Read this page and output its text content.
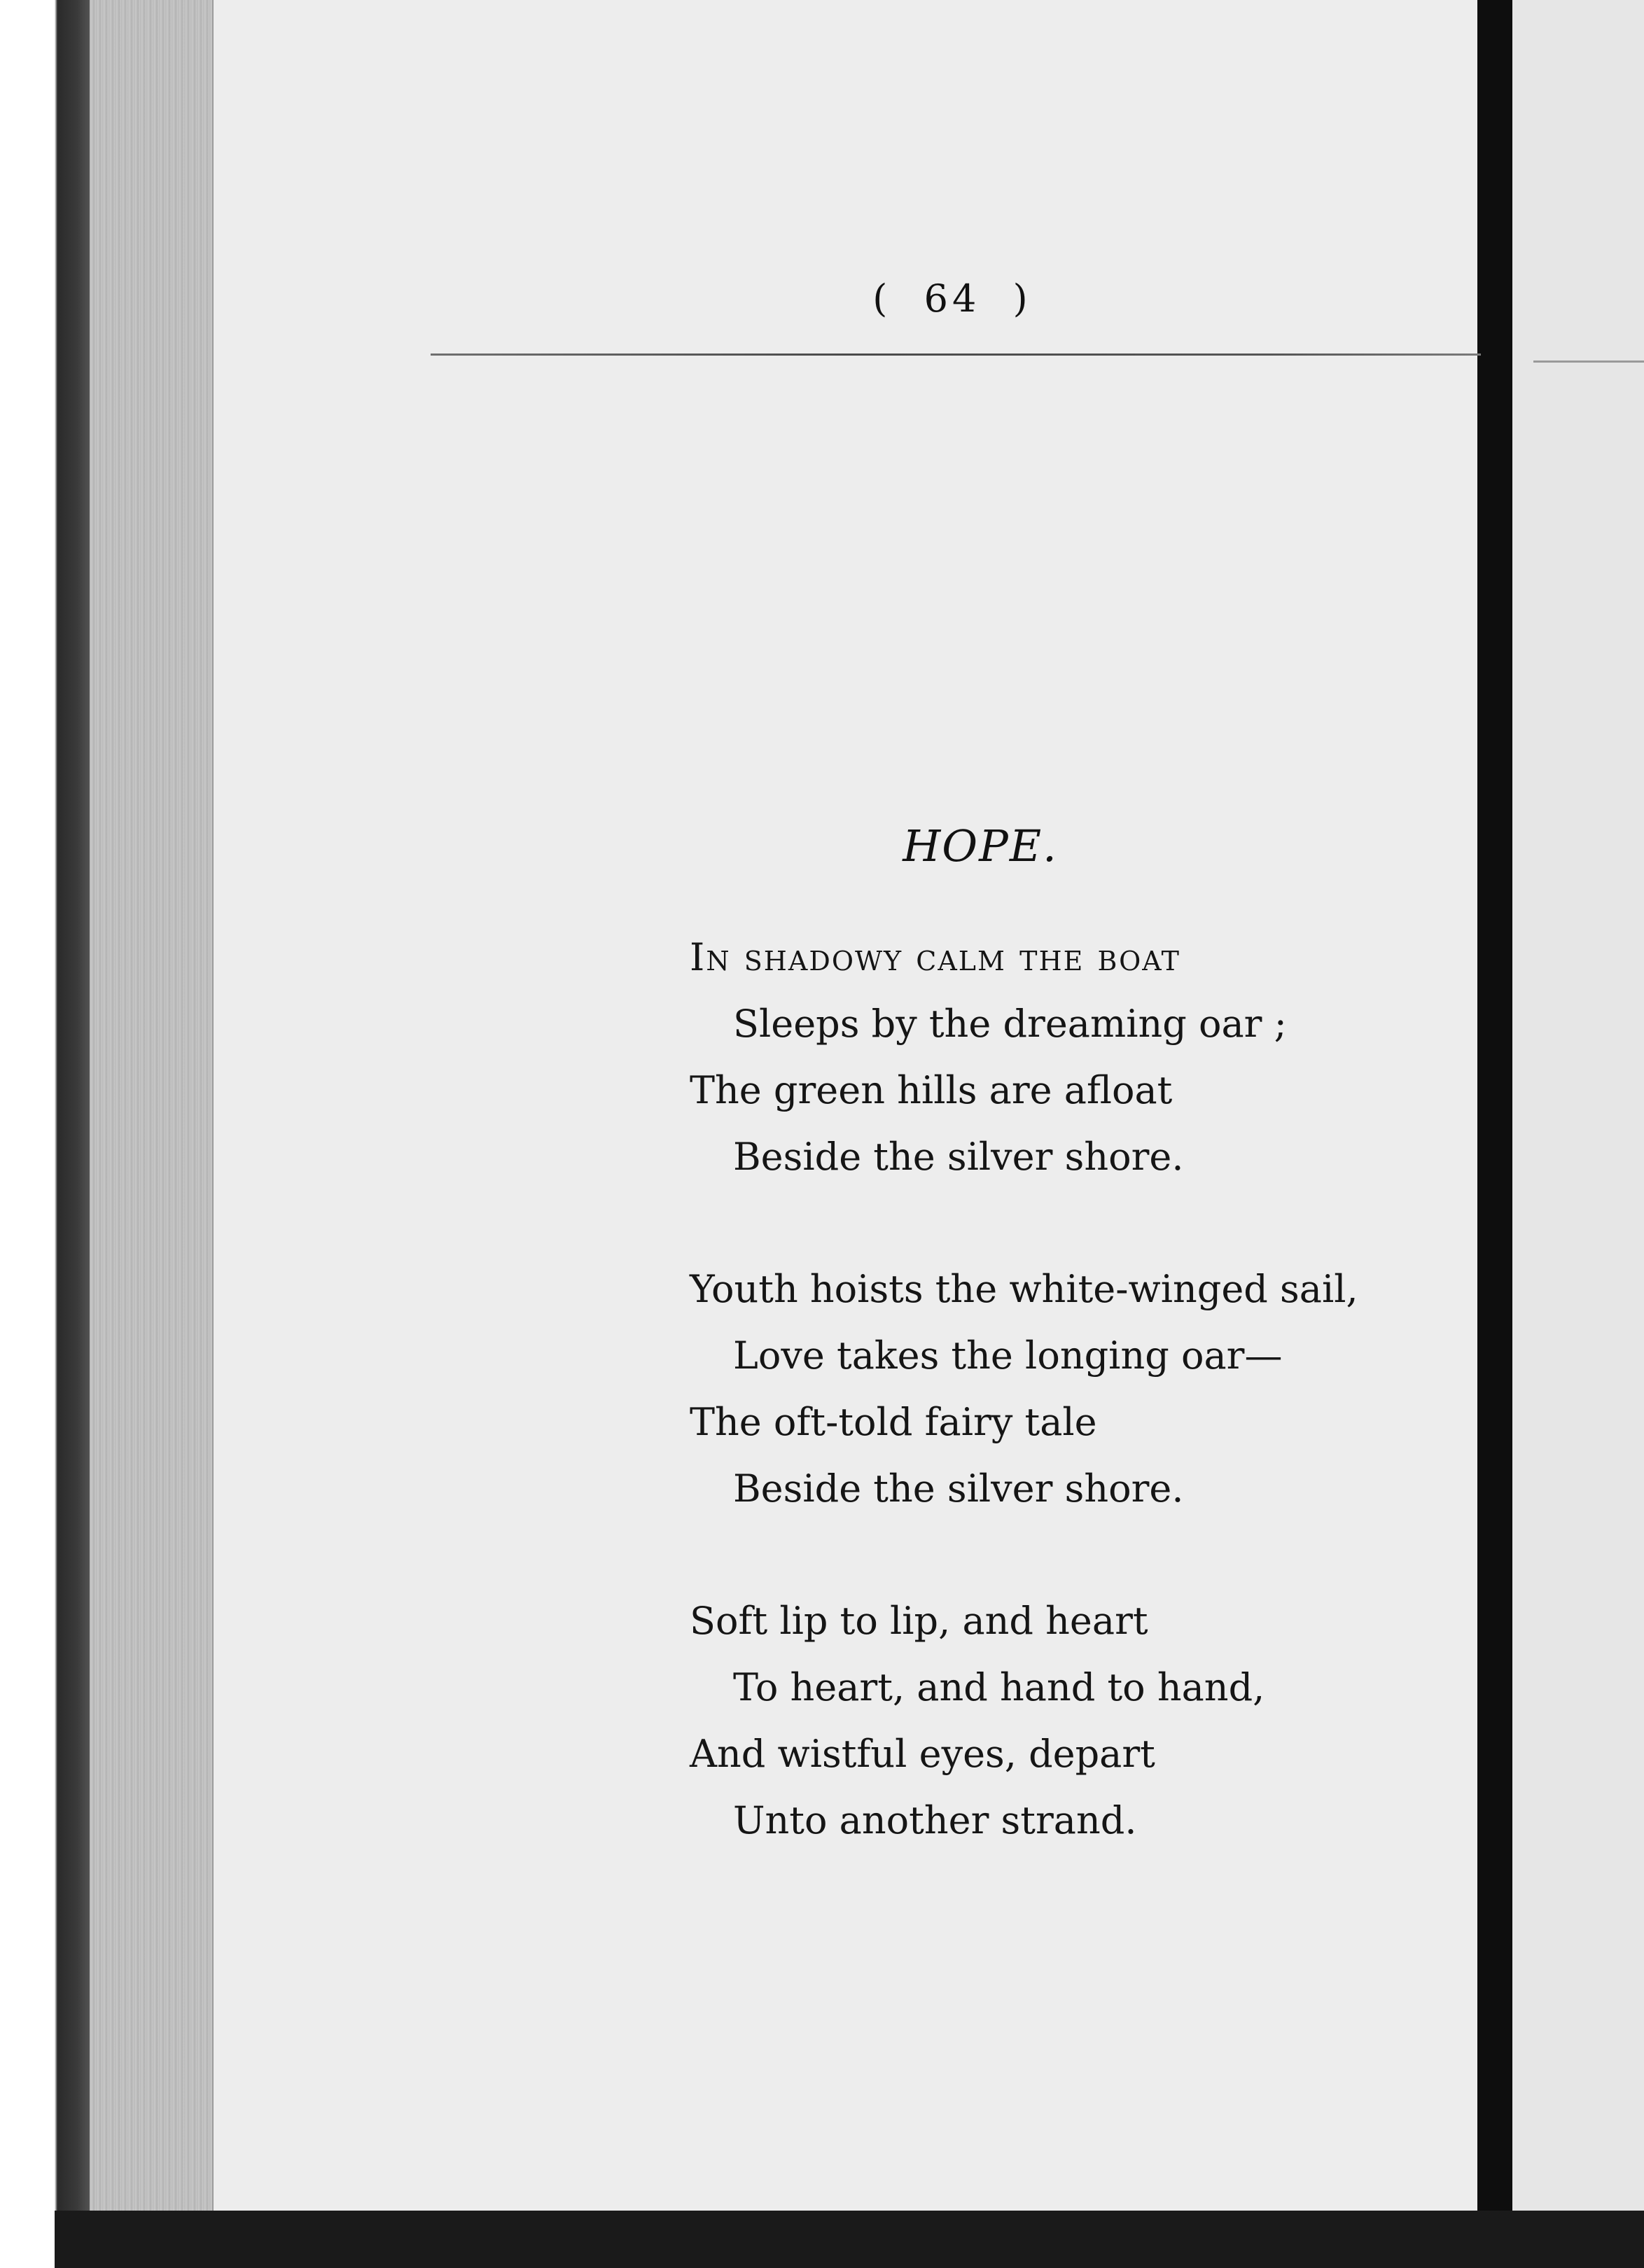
(  64  )
HOPE.
In shadowy calm the boat
Sleeps by the dreaming oar ;
The green hills are afloat
Beside the silver shore.
Youth hoists the white-winged sail,
Love takes the longing oar—
The oft-told fairy tale
Beside the silver shore.
Soft lip to lip, and heart
To heart, and hand to hand,
And wistful eyes, depart
Unto another strand.
